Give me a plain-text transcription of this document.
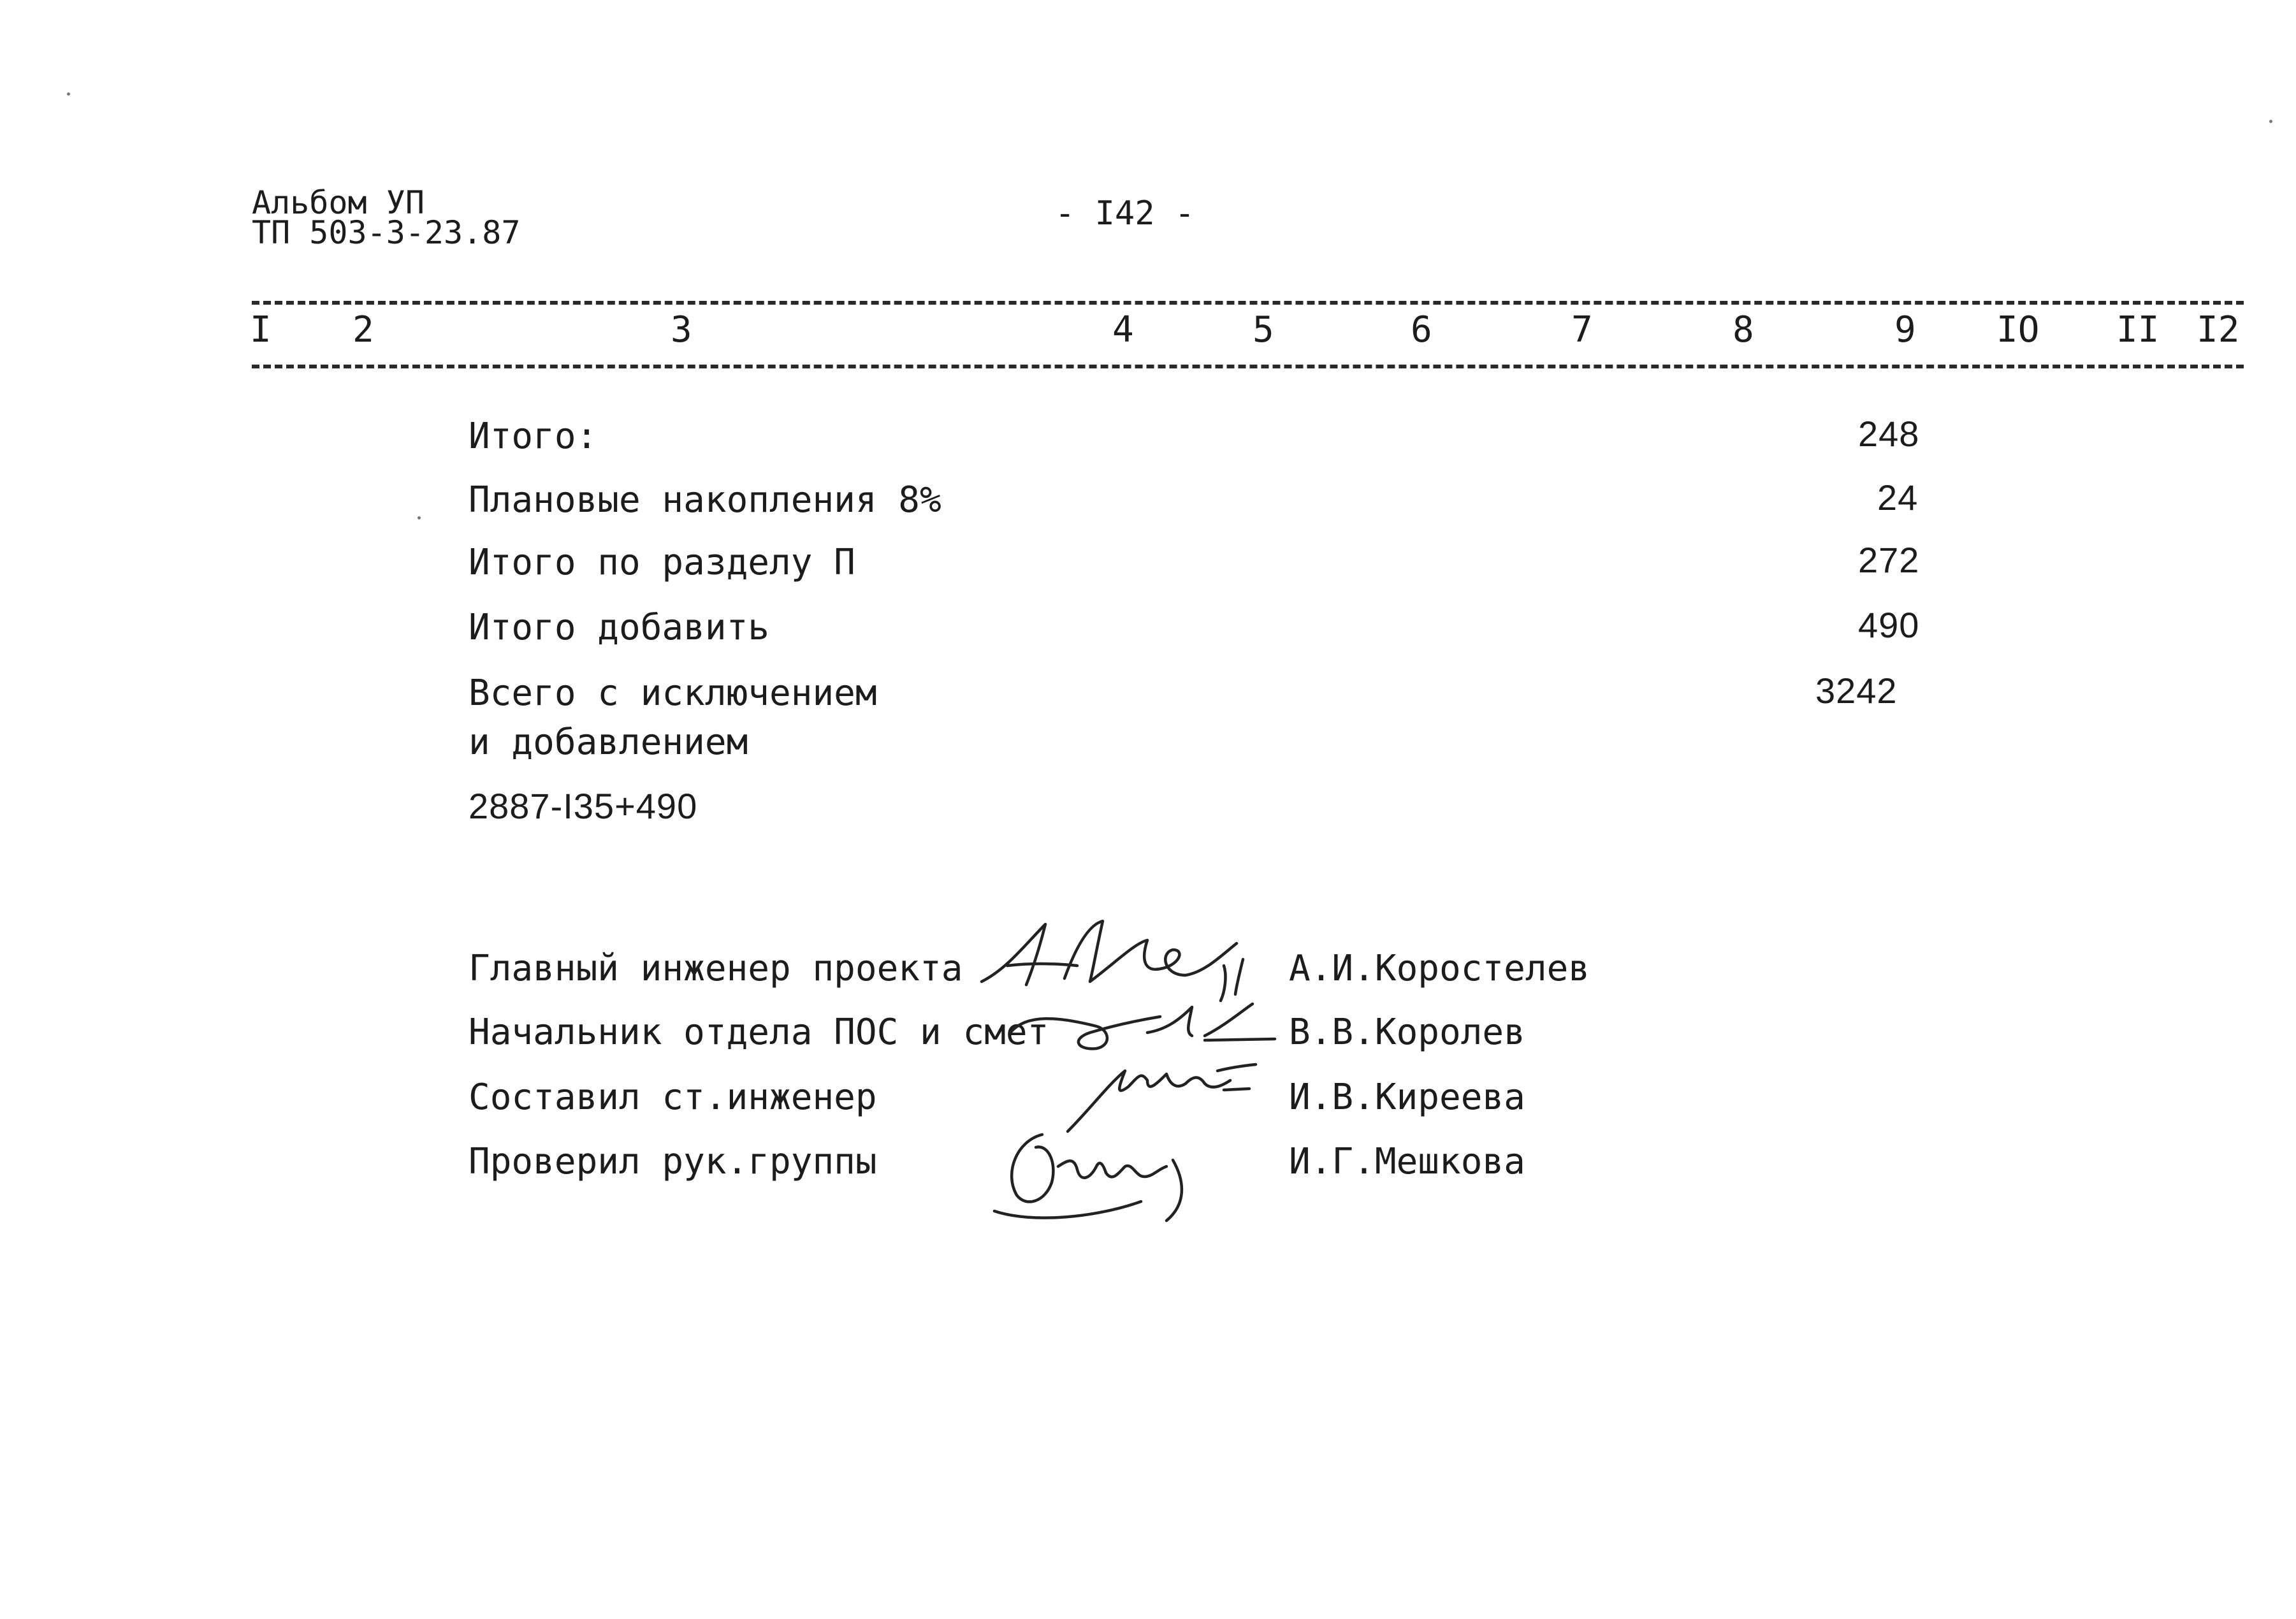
Альбом УП
ТП 503-3-23.87	- I42 -
I 2	3	4	5	6	7	8	9 IO II I2
Итого:	248
Плановые накопления 8%	24
Итого по разделу П	272
Итого добавить	490
Всего с исключением
и добавлением
3242
2887-I35+490
Главный инженер проекта	А.И.Коростелев
Начальник отдела ПОС и смет	В.В.Королев
Составил ст.инженер	И.В.Киреева
Проверил рук.группы	И.Г.Мешкова
